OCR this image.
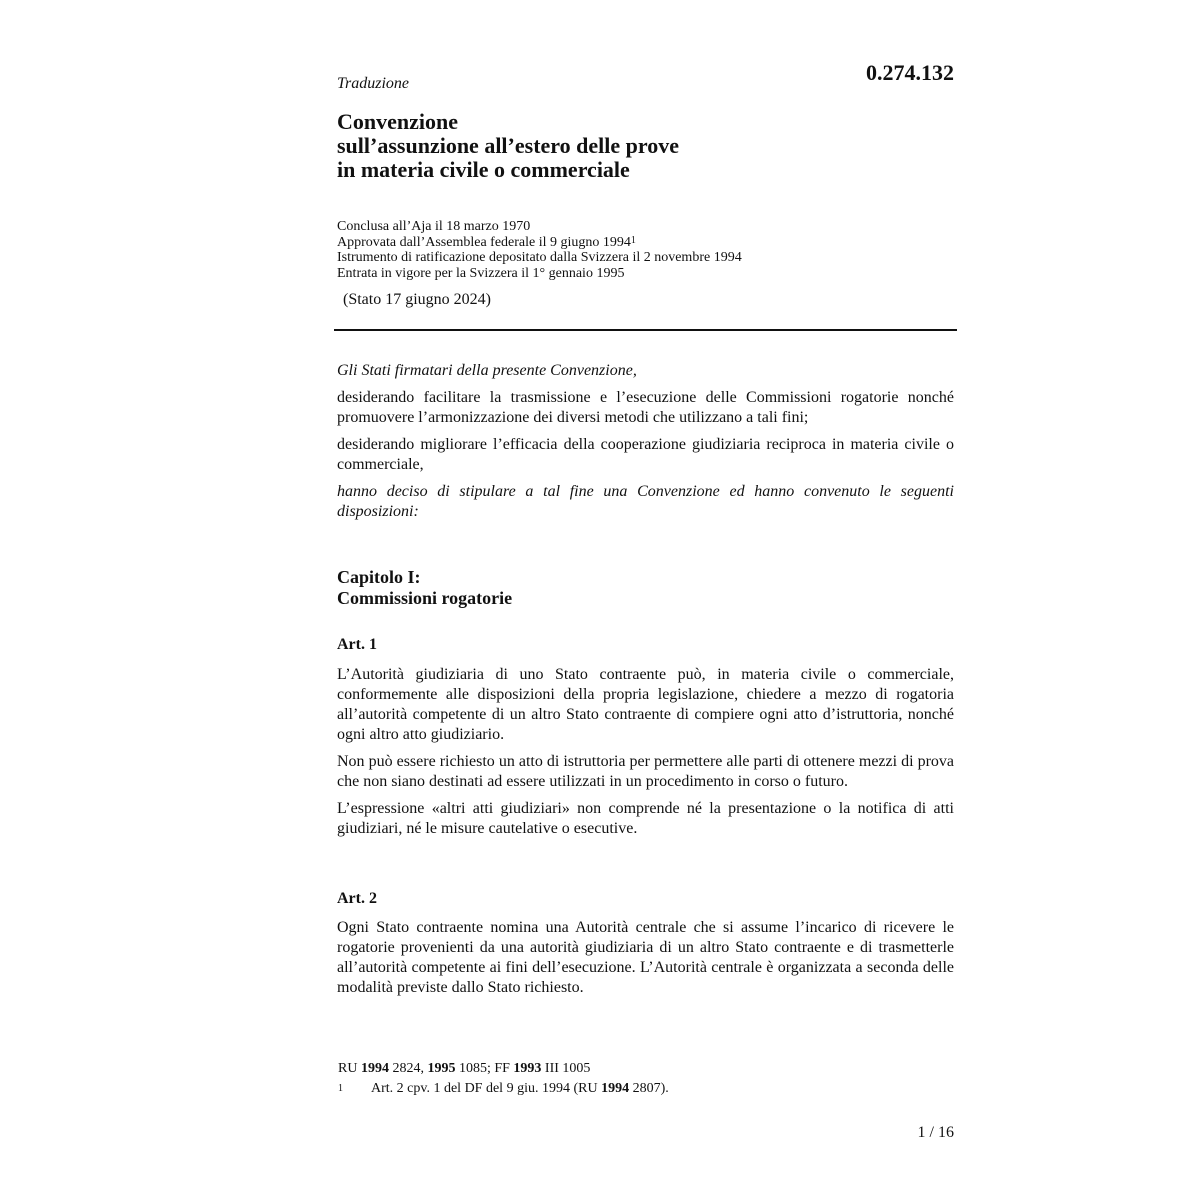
0.274.132

Traduzione

Convenzione
sull’assunzione all’estero delle prove
in materia civile o commerciale
Conclusa all’Aja il 18 marzo 1970
Approvata dall’Assemblea federale il 9 giugno 1994$^1$
Istrumento di ratificazione depositato dalla Svizzera il 2 novembre 1994
Entrata in vigore per la Svizzera il 1° gennaio 1995

(Stato 17 giugno 2024)

Gli Stati firmatari della presente Convenzione,

desiderando facilitare la trasmissione e l’esecuzione delle Commissioni rogatorie nonché promuovere l’armonizzazione dei diversi metodi che utilizzano a tali fini;

desiderando migliorare l’efficacia della cooperazione giudiziaria reciproca in materia civile o commerciale,

hanno deciso di stipulare a tal fine una Convenzione ed hanno convenuto le seguenti disposizioni:

Capitolo I:
Commissioni rogatorie
Art. 1

L’Autorità giudiziaria di uno Stato contraente può, in materia civile o commerciale, conformemente alle disposizioni della propria legislazione, chiedere a mezzo di rogatoria all’autorità competente di un altro Stato contraente di compiere ogni atto d’istruttoria, nonché ogni altro atto giudiziario.

Non può essere richiesto un atto di istruttoria per permettere alle parti di ottenere mezzi di prova che non siano destinati ad essere utilizzati in un procedimento in corso o futuro.

L’espressione «altri atti giudiziari» non comprende né la presentazione o la notifica di atti giudiziari, né le misure cautelative o esecutive.

Art. 2

Ogni Stato contraente nomina una Autorità centrale che si assume l’incarico di ricevere le rogatorie provenienti da una autorità giudiziaria di un altro Stato contraente e di trasmetterle all’autorità competente ai fini dell’esecuzione. L’Autorità centrale è organizzata a seconda delle modalità previste dallo Stato richiesto.

RU 1994 2824, 1995 1085; FF 1993 III 1005
1 Art. 2 cpv. 1 del DF del 9 giu. 1994 (RU 1994 2807).

1 / 16
